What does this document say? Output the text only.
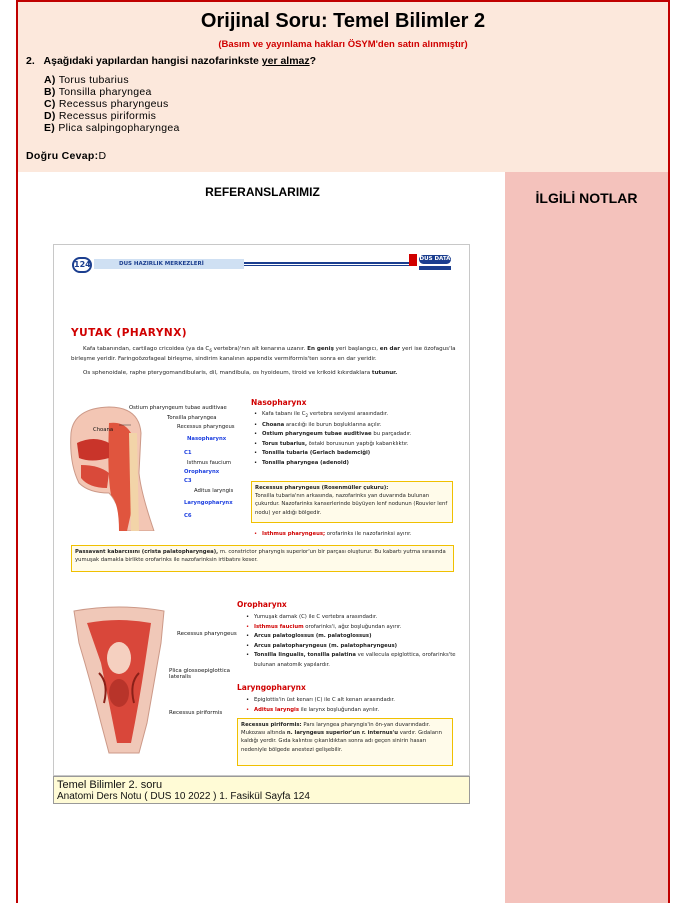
Orijinal Soru: Temel Bilimler 2
(Basım ve yayınlama hakları ÖSYM'den satın alınmıştır)
2. Aşağıdaki yapılardan hangisi nazofarinkste yer almaz?
A) Torus tubarius
B) Tonsilla pharyngea
C) Recessus pharyngeus
D) Recessus piriformis
E) Plica salpingopharyngea
Doğru Cevap:D
REFERANSLARIMIZ	İLGİLİ NOTLAR
124	DUS HAZIRLIK MERKEZLERİ
DUS DATA
YUTAK (PHARYNX)
Kafa tabanından, cartilago cricoidea (ya da $C_6$ vertebra)'nın alt kenarına uzanır. En geniş yeri başlangıcı, en dar yeri ise özofagus'la birleşme yeridir. Faringoözofageal birleşme, sindirim kanalının appendix vermiformis'ten sonra en dar yeridir.
Os sphenoidale, raphe pterygomandibularis, dil, mandibula, os hyoideum, tiroid ve krikoid kıkırdaklara tutunur.
Ostium pharyngeum tubae auditivae
Tonsilla pharyngea
Recessus pharyngeus
Choana
Nasopharynx
C1
Isthmus faucium
Oropharynx
C3
Aditus laryngis
Laryngopharynx
C6
Nasopharynx
• Kafa tabanı ile $C_2$ vertebra seviyesi arasındadır.
• Choana aracılığı ile burun boşluklarına açılır.
• Ostium pharyngeum tubae auditivae bu parçadadır.
• Torus tubarius, östaki borusunun yaptığı kabarıklıktır.
• Tonsilla tubaria (Gerlach bademciği)
• Tonsilla pharyngea (adenoid)
Recessus pharyngeus (Rosenmüller çukuru):
Tonsilla tubaria'nın arkasında, nazofarinks yan duvarında bulunan çukurdur. Nazofarinks kanserlerinde büyüyen lenf nodunun (Rouvier lenf nodu) yer aldığı bölgedir.
• Isthmus pharyngeus; orofarinks ile nazofarinksi ayırır.
Passavant kabarcısını (crista palatopharyngea), m. constrictor pharyngis superior'un bir parçası oluşturur. Bu kabartı yutma sırasında yumuşak damakla birlikte orofarinks ile nazofarinksin irtibatını keser.
Recessus pharyngeus
Plica glossoepiglottica lateralis
Recessus piriformis
Oropharynx
• Yumuşak damak (C) ile C vertebra arasındadır.
• Isthmus faucium orofarinks'i, ağız boşluğundan ayırır.
• Arcus palatoglossus (m. palatoglossus)
• Arcus palatopharyngeus (m. palatopharyngeus)
• Tonsilla lingualis, tonsilla palatina ve vallecula epiglottica, orofarinks'te bulunan anatomik yapılardır.
Laryngopharynx
• Epiglottis'in üst kenarı (C) ile C alt kenarı arasındadır.
• Aditus laryngis ile larynx boşluğundan ayrılır.
Recessus piriformis: Pars laryngea pharyngis'in ön-yan duvarındadır. Mukozası altında n. laryngeus superior'un r. internus'u vardır. Gıdaların kaldığı yerdir. Gıda kalıntısı çıkarıldıktan sonra adı geçen sinirin hasarı nedeniyle bölgede anestezi gelişebilir.
Temel Bilimler 2. soru
Anatomi Ders Notu ( DUS 10 2022 ) 1. Fasikül Sayfa 124
